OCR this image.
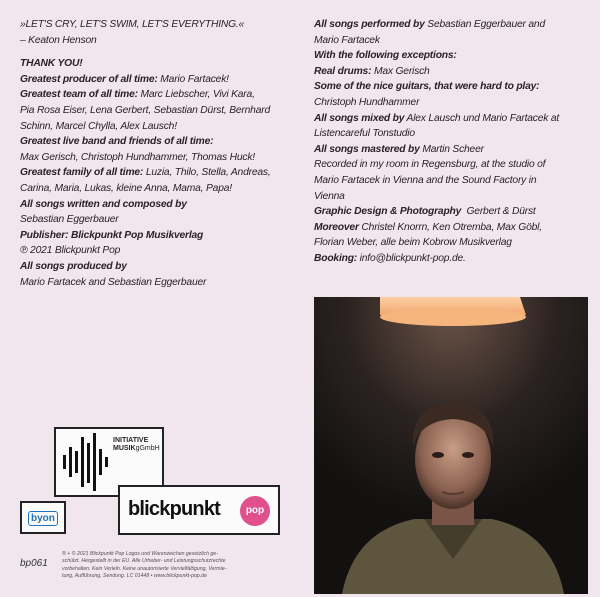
»LET'S CRY, LET'S SWIM, LET'S EVERYTHING.«
– Keaton Henson
THANK YOU!
Greatest producer of all time: Mario Fartacek!
Greatest team of all time: Marc Liebscher, Vivi Kara,
Pia Rosa Eiser, Lena Gerbert, Sebastian Dürst, Bernhard
Schinn, Marcel Chylla, Alex Lausch!
Greatest live band and friends of all time:
Max Gerisch, Christoph Hundhammer, Thomas Huck!
Greatest family of all time: Luzia, Thilo, Stella, Andreas,
Carina, Maria, Lukas, kleine Anna, Mama, Papa!
All songs written and composed by
Sebastian Eggerbauer
Publisher: Blickpunkt Pop Musikverlag
℗ 2021 Blickpunkt Pop
All songs produced by
Mario Fartacek and Sebastian Eggerbauer
All songs performed by Sebastian Eggerbauer and
Mario Fartacek
With the following exceptions:
Real drums: Max Gerisch
Some of the nice guitars, that were hard to play:
Christoph Hundhammer
All songs mixed by Alex Lausch und Mario Fartacek at
Listencareful Tonstudio
All songs mastered by Martin Scheer
Recorded in my room in Regensburg, at the studio of
Mario Fartacek in Vienna and the Sound Factory in
Vienna
Graphic Design & Photography  Gerbert & Dürst
Moreover Christel Knorrn, Ken Otremba, Max Göbl,
Florian Weber, alle beim Kobrow Musikverlag
Booking: info@blickpunkt-pop.de.
INITIATIVE
MUSIKgGmbH
byon	blickpunkt	pop
bp061
® + © 2021 Blickpunkt Pop Logos und Warenzeichen gesetzlich ge-
schützt. Hergestellt in der EU. Alle Urheber- und Leistungsschutzrechte
vorbehalten. Kein Verleih. Keine unautorisierte Vervielfältigung, Vermie-
tung, Aufführung, Sendung. LC 01448 • www.blickpunkt-pop.de
